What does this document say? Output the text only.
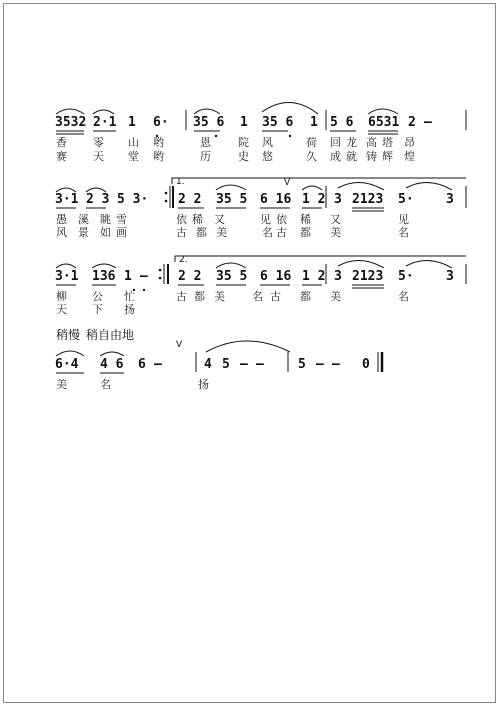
3532 2·1 1 6· 35 6 1 35 6 1 5 6 6531 2 –
香 零 山 哟	恩 院 风	荷 回 龙 高 塔 昂
赛 天 堂 哟	历 史 悠	久 成 就 铸 辉 煌
3·1 2 3 5 3· 2 2 35 5 6 16 1 2 3 2123 5· 3
1.	V
愚 溪 眺 雪	依 稀 又	见 依 稀 又	见
风 景 如 画	古 都 美	名 古 都 美	名
3·1 136 1 – 2 2 35 5 6 16 1 2 3 2123 5· 3
2.
柳 公 忙	古 都 美 名 古 都 美	名
天 下 扬
稍慢 稍自由地
V
6·4 4 6 6 –	4 5 – –	5 – – 0
美	名	扬
